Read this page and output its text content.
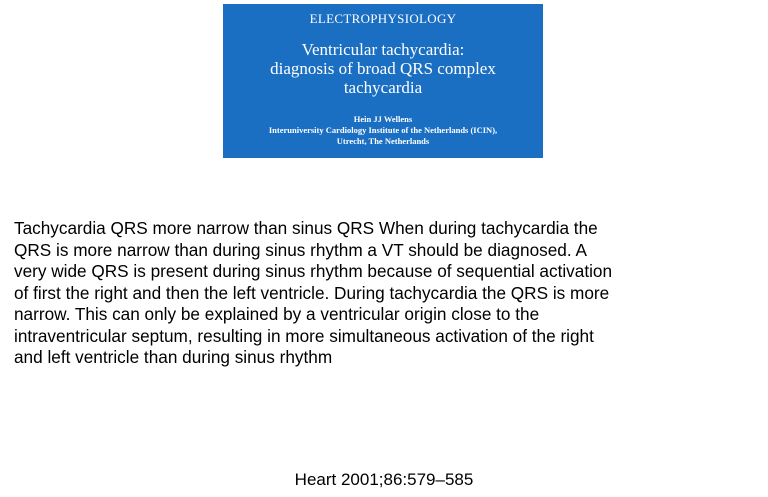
ELECTROPHYSIOLOGY
Ventricular tachycardia:
diagnosis of broad QRS complex
tachycardia
Hein JJ Wellens
Interuniversity Cardiology Institute of the Netherlands (ICIN),
Utrecht, The Netherlands
Tachycardia QRS more narrow than sinus QRS When during tachycardia the
QRS is more narrow than during sinus rhythm a VT should be diagnosed. A
very wide QRS is present during sinus rhythm because of sequential activation
of first the right and then the left ventricle. During tachycardia the QRS is more
narrow. This can only be explained by a ventricular origin close to the
intraventricular septum, resulting in more simultaneous activation of the right
and left ventricle than during sinus rhythm
Heart 2001;86:579–585
